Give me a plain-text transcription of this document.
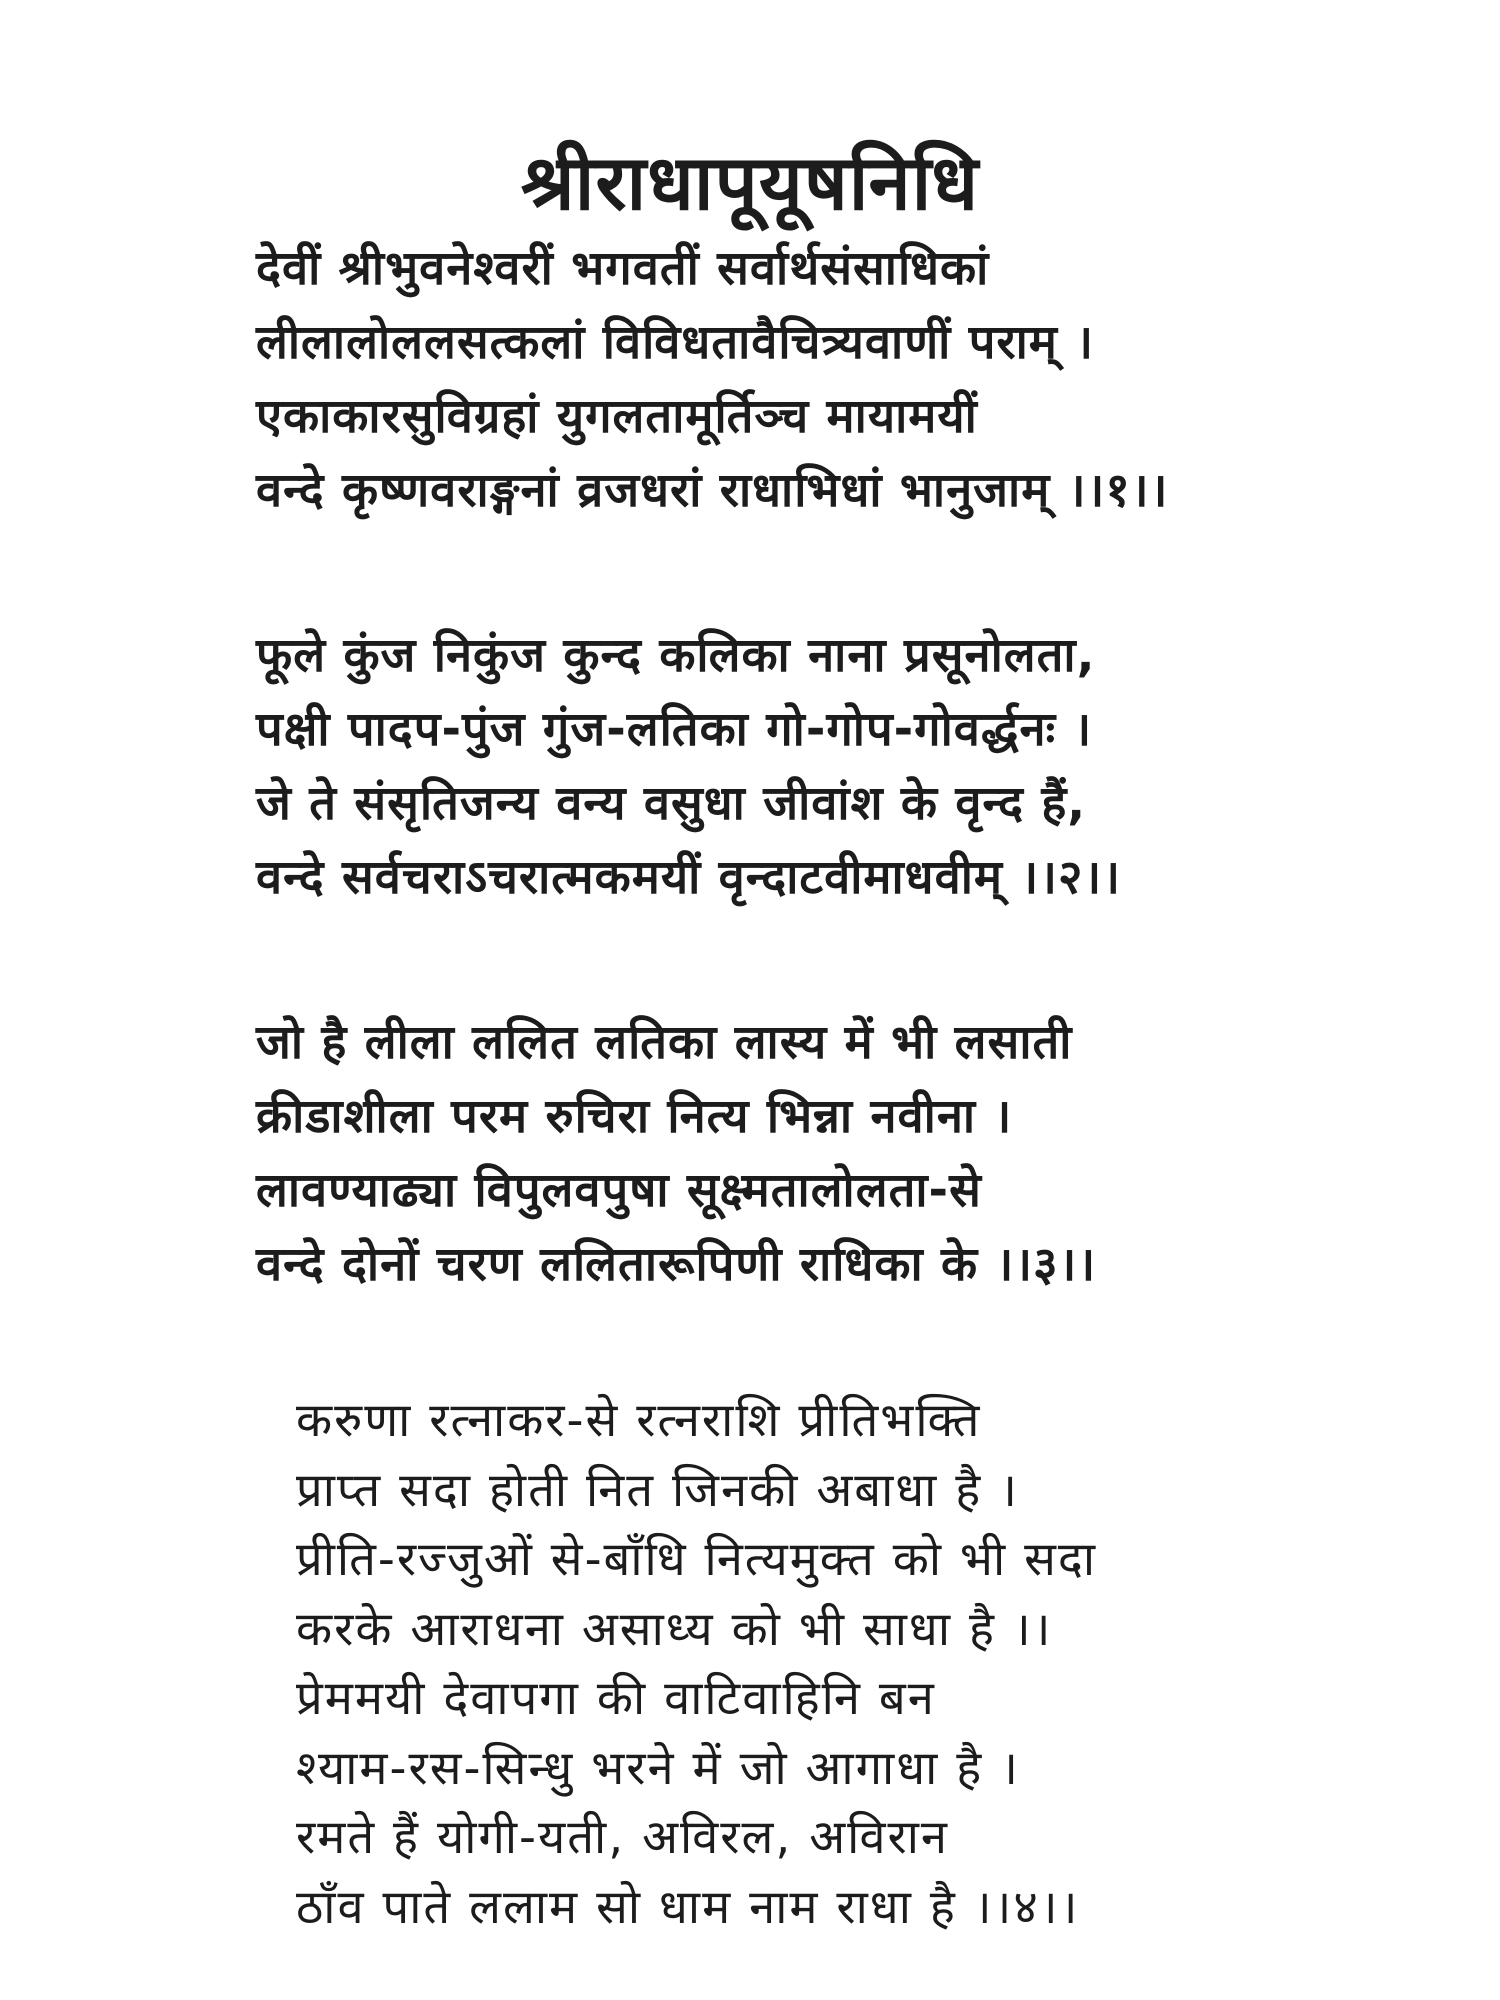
श्रीराधापूयूषनिधि
देवीं श्रीभुवनेश्वरीं भगवतीं सर्वार्थसंसाधिकां
लीलालोललसत्कलां विविधतावैचित्र्यवाणीं पराम् ।
एकाकारसुविग्रहां युगलतामूर्तिञ्च मायामयीं
वन्दे कृष्णवराङ्गनां व्रजधरां राधाभिधां भानुजाम् ।।१।।
फूले कुंज निकुंज कुन्द कलिका नाना प्रसूनोलता,
पक्षी पादप-पुंज गुंज-लतिका गो-गोप-गोवर्द्धनः ।
जे ते संसृतिजन्य वन्य वसुधा जीवांश के वृन्द हैं,
वन्दे सर्वचराऽचरात्मकमयीं वृन्दाटवीमाधवीम् ।।२।।
जो है लीला ललित लतिका लास्य में भी लसाती
क्रीडाशीला परम रुचिरा नित्य भिन्ना नवीना ।
लावण्याढ्या विपुलवपुषा सूक्ष्मतालोलता-से
वन्दे दोनों चरण ललितारूपिणी राधिका के ।।३।।
करुणा रत्नाकर-से रत्नराशि प्रीतिभक्ति
प्राप्त सदा होती नित जिनकी अबाधा है ।
प्रीति-रज्जुओं से-बाँधि नित्यमुक्त को भी सदा
करके आराधना असाध्य को भी साधा है ।।
प्रेममयी देवापगा की वाटिवाहिनि बन
श्याम-रस-सिन्धु भरने में जो आगाधा है ।
रमते हैं योगी-यती, अविरल, अविरान
ठाँव पाते ललाम सो धाम नाम राधा है ।।४।।
